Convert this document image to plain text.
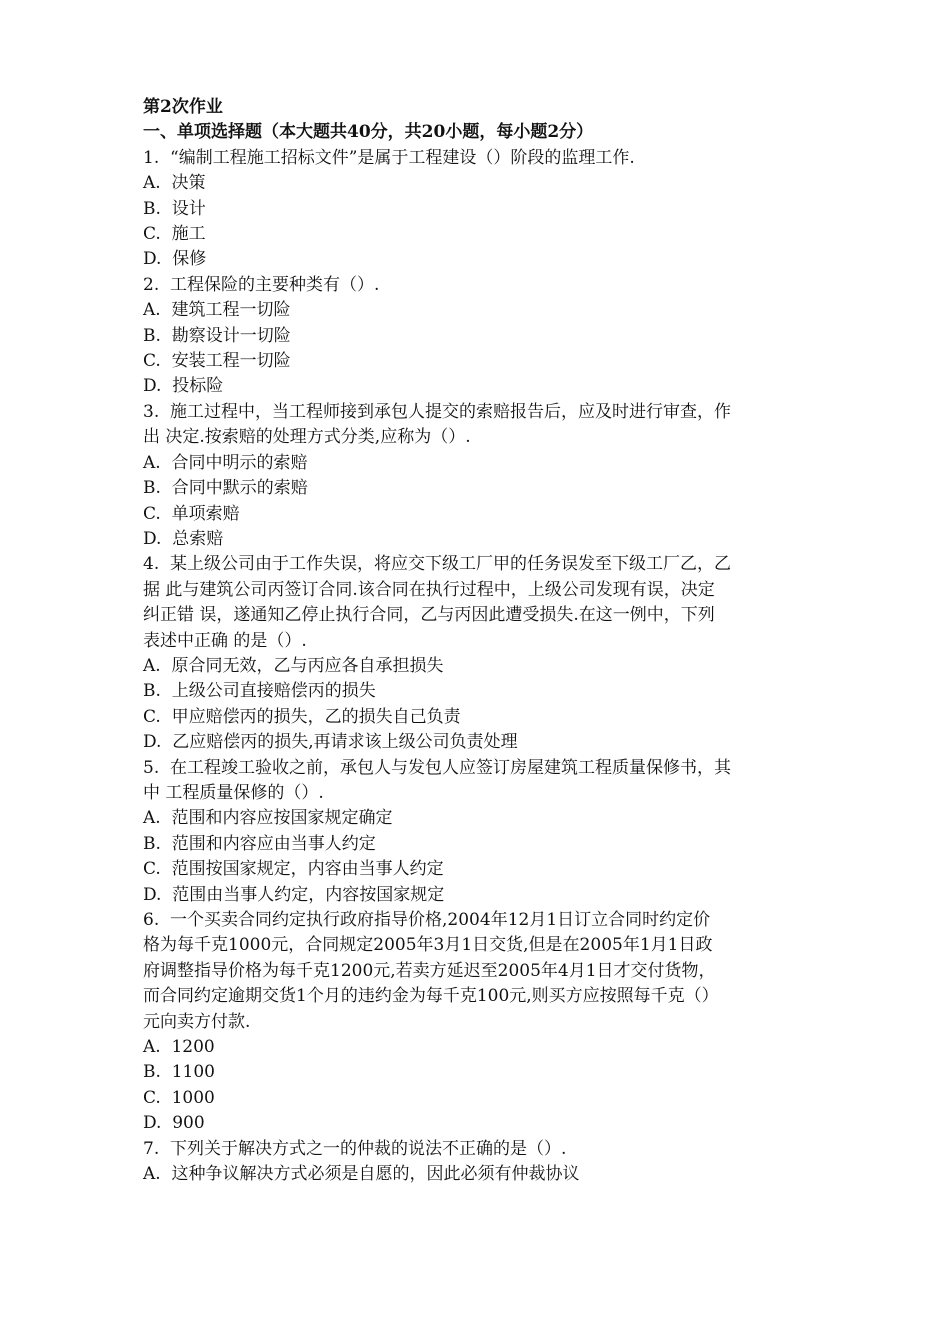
第2次作业
一、单项选择题（本大题共40分，共20小题，每小题2分）
1.  “编制工程施工招标文件”是属于工程建设（）阶段的监理工作.
A.  决策
B.  设计
C.  施工
D.  保修
2.  工程保险的主要种类有（）.
A.  建筑工程一切险
B.  勘察设计一切险
C.  安装工程一切险
D.  投标险
3.  施工过程中，当工程师接到承包人提交的索赔报告后，应及时进行审查，作
出 决定.按索赔的处理方式分类,应称为（）.
A.  合同中明示的索赔
B.  合同中默示的索赔
C.  单项索赔
D.  总索赔
4.  某上级公司由于工作失误，将应交下级工厂甲的任务误发至下级工厂乙，乙
据 此与建筑公司丙签订合同.该合同在执行过程中，上级公司发现有误，决定
纠正错 误，遂通知乙停止执行合同，乙与丙因此遭受损失.在这一例中，下列
表述中正确 的是（）.
A.  原合同无效，乙与丙应各自承担损失
B.  上级公司直接赔偿丙的损失
C.  甲应赔偿丙的损失，乙的损失自己负责
D.  乙应赔偿丙的损失,再请求该上级公司负责处理
5.  在工程竣工验收之前，承包人与发包人应签订房屋建筑工程质量保修书，其
中 工程质量保修的（）.
A.  范围和内容应按国家规定确定
B.  范围和内容应由当事人约定
C.  范围按国家规定，内容由当事人约定
D.  范围由当事人约定，内容按国家规定
6.  一个买卖合同约定执行政府指导价格,2004年12月1日订立合同时约定价
格为每千克1000元，合同规定2005年3月1日交货,但是在2005年1月1日政
府调整指导价格为每千克1200元,若卖方延迟至2005年4月1日才交付货物，
而合同约定逾期交货1个月的违约金为每千克100元,则买方应按照每千克（）
元向卖方付款.
A.  1200
B.  1100
C.  1000
D.  900
7.  下列关于解决方式之一的仲裁的说法不正确的是（）.
A.  这种争议解决方式必须是自愿的，因此必须有仲裁协议
